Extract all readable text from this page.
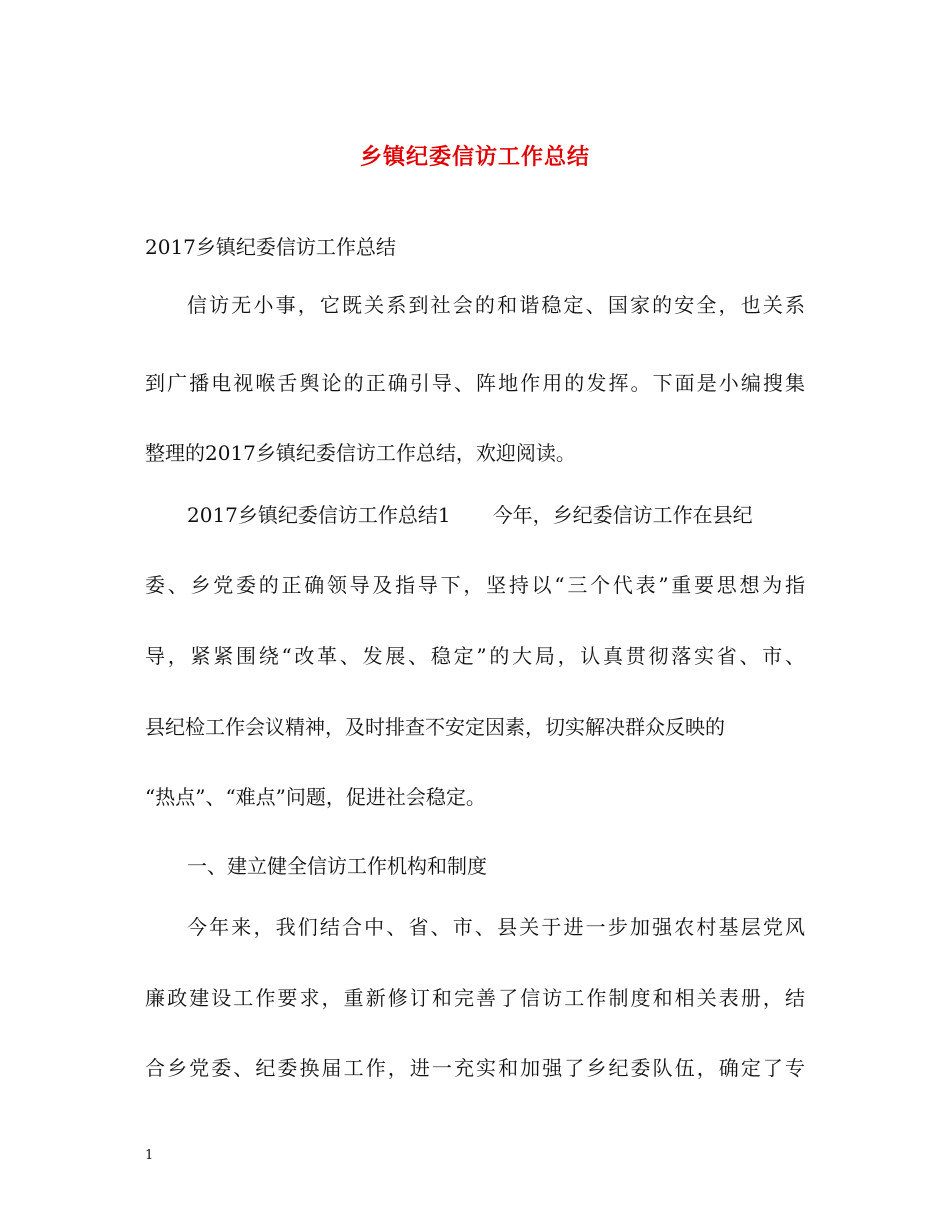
乡镇纪委信访工作总结
2017乡镇纪委信访工作总结
信访无小事，它既关系到社会的和谐稳定、国家的安全，也关系
到广播电视喉舌舆论的正确引导、阵地作用的发挥。下面是小编搜集
整理的2017乡镇纪委信访工作总结，欢迎阅读。
2017乡镇纪委信访工作总结1 今年，乡纪委信访工作在县纪
委、乡党委的正确领导及指导下，坚持以“三个代表”重要思想为指
导，紧紧围绕“改革、发展、稳定”的大局，认真贯彻落实省、市、
县纪检工作会议精神，及时排查不安定因素，切实解决群众反映的
“热点”、“难点”问题，促进社会稳定。
一、建立健全信访工作机构和制度
今年来，我们结合中、省、市、县关于进一步加强农村基层党风
廉政建设工作要求，重新修订和完善了信访工作制度和相关表册，结
合乡党委、纪委换届工作，进一充实和加强了乡纪委队伍，确定了专
1
